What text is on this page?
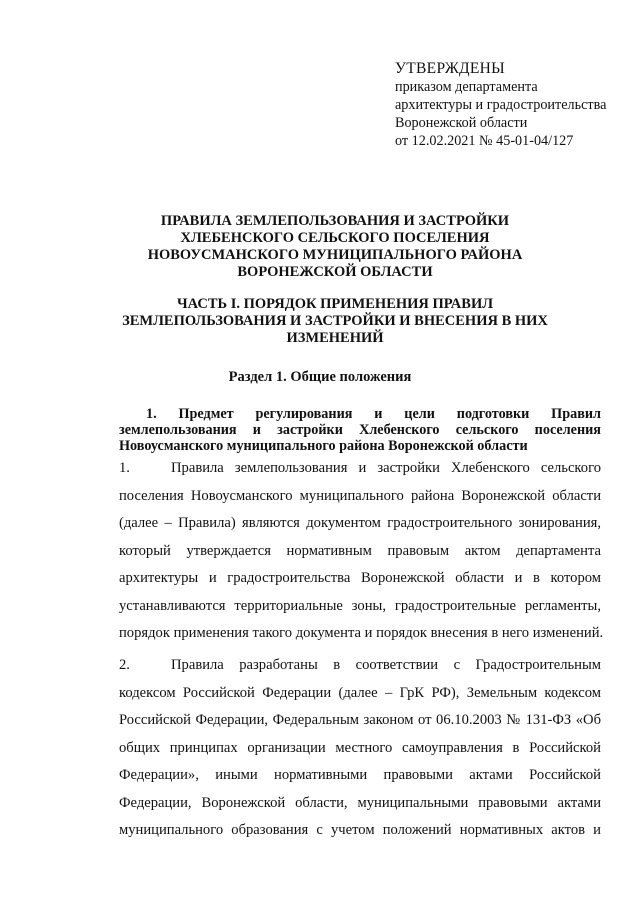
УТВЕРЖДЕНЫ
приказом департамента
архитектуры и градостроительства
Воронежской области
от 12.02.2021 № 45-01-04/127
ПРАВИЛА ЗЕМЛЕПОЛЬЗОВАНИЯ И ЗАСТРОЙКИ
ХЛЕБЕНСКОГО СЕЛЬСКОГО ПОСЕЛЕНИЯ
НОВОУСМАНСКОГО МУНИЦИПАЛЬНОГО РАЙОНА
ВОРОНЕЖСКОЙ ОБЛАСТИ
ЧАСТЬ I. ПОРЯДОК ПРИМЕНЕНИЯ ПРАВИЛ
ЗЕМЛЕПОЛЬЗОВАНИЯ И ЗАСТРОЙКИ И ВНЕСЕНИЯ В НИХ
ИЗМЕНЕНИЙ
Раздел 1. Общие положения
1. Предмет регулирования и цели подготовки Правил
землепользования и застройки Хлебенского сельского поселения
Новоусманского муниципального района Воронежской области
1.	Правила землепользования и застройки Хлебенского сельского
поселения Новоусманского муниципального района Воронежской области
(далее – Правила) являются документом градостроительного зонирования,
который утверждается нормативным правовым актом департамента
архитектуры и градостроительства Воронежской области и в котором
устанавливаются территориальные зоны, градостроительные регламенты,
порядок применения такого документа и порядок внесения в него изменений.
2.	Правила разработаны в соответствии с Градостроительным
кодексом Российской Федерации (далее – ГрК РФ), Земельным кодексом
Российской Федерации, Федеральным законом от 06.10.2003 № 131-ФЗ «Об
общих принципах организации местного самоуправления в Российской
Федерации», иными нормативными правовыми актами Российской
Федерации, Воронежской области, муниципальными правовыми актами
муниципального образования с учетом положений нормативных актов и
